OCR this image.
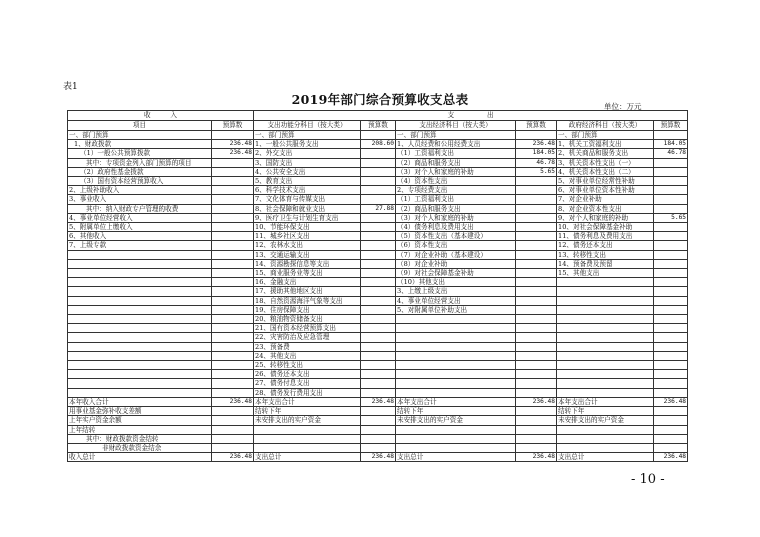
表1
2019年部门综合预算收支总表	单位：万元
收　　　入		支　　　　　出					
项目	预算数	支出功能分科目（按大类）	预算数	支出经济科目（按大类）	预算数	政府经济科目（按大类）	预算数
一、部门预算		一、部门预算		一、部门预算		一、部门预算	
1、财政拨款	236.48	1、一般公共服务支出	208.60	1、人员经费和公用经费支出	236.48	1、机关工资福利支出	184.05
（1）一般公共预算拨款	236.48	2、外交支出		（1）工资福利支出	184.05	2、机关商品和服务支出	46.78
其中：专项资金列入部门预算的项目		3、国防支出		（2）商品和服务支出	46.78	3、机关资本性支出（一）	
（2）政府性基金拨款		4、公共安全支出		（3）对个人和家庭的补助	5.65	4、机关资本性支出（二）	
（3）国有资本经营预算收入		5、教育支出		（4）资本性支出		5、对事业单位经常性补助	
2、上级补助收入		6、科学技术支出		2、专项经费支出		6、对事业单位资本性补助	
3、事业收入		7、文化体育与传媒支出		（1）工资福利支出		7、对企业补助	
其中：纳入财政专户管理的收费		8、社会保障和就业支出	27.88	（2）商品和服务支出		8、对企业资本性支出	
4、事业单位经营收入		9、医疗卫生与计划生育支出		（3）对个人和家庭的补助		9、对个人和家庭的补助	5.65
5、附属单位上缴收入		10、节能环保支出		（4）债务利息及费用支出		10、对社会保障基金补助	
6、其他收入		11、城乡社区支出		（5）资本性支出（基本建设）		11、债务利息及费用支出	
7、上级专款		12、农林水支出		（6）资本性支出		12、债务还本支出	
		13、交通运输支出		（7）对企业补助（基本建设）		13、转移性支出	
		14、资源勘探信息等支出		（8）对企业补助		14、预备费及预留	
		15、商业服务业等支出		（9）对社会保障基金补助		15、其他支出	
		16、金融支出		（10）其他支出			
		17、援助其他地区支出		3、上缴上级支出			
		18、自然资源海洋气象等支出		4、事业单位经营支出			
		19、住房保障支出		5、对附属单位补助支出			
		20、粮油物资储备支出					
		21、国有资本经营预算支出					
		22、灾害防治及应急管理					
		23、预备费					
		24、其他支出					
		25、转移性支出					
		26、债务还本支出					
		27、债务付息支出					
		28、债务发行费用支出					
本年收入合计	236.48	本年支出合计	236.48	本年支出合计	236.48	本年支出合计	236.48
用事业基金弥补收支差额		结转下年		结转下年		结转下年	
上年实户资金余额		未安排支出的实户资金		未安排支出的实户资金		未安排支出的实户资金	
上年结转							
其中：财政拨款资金结转							
非财政拨款资金结余							
收入总计	236.48	支出总计	236.48	支出总计	236.48	支出总计	236.48
- 10 -
